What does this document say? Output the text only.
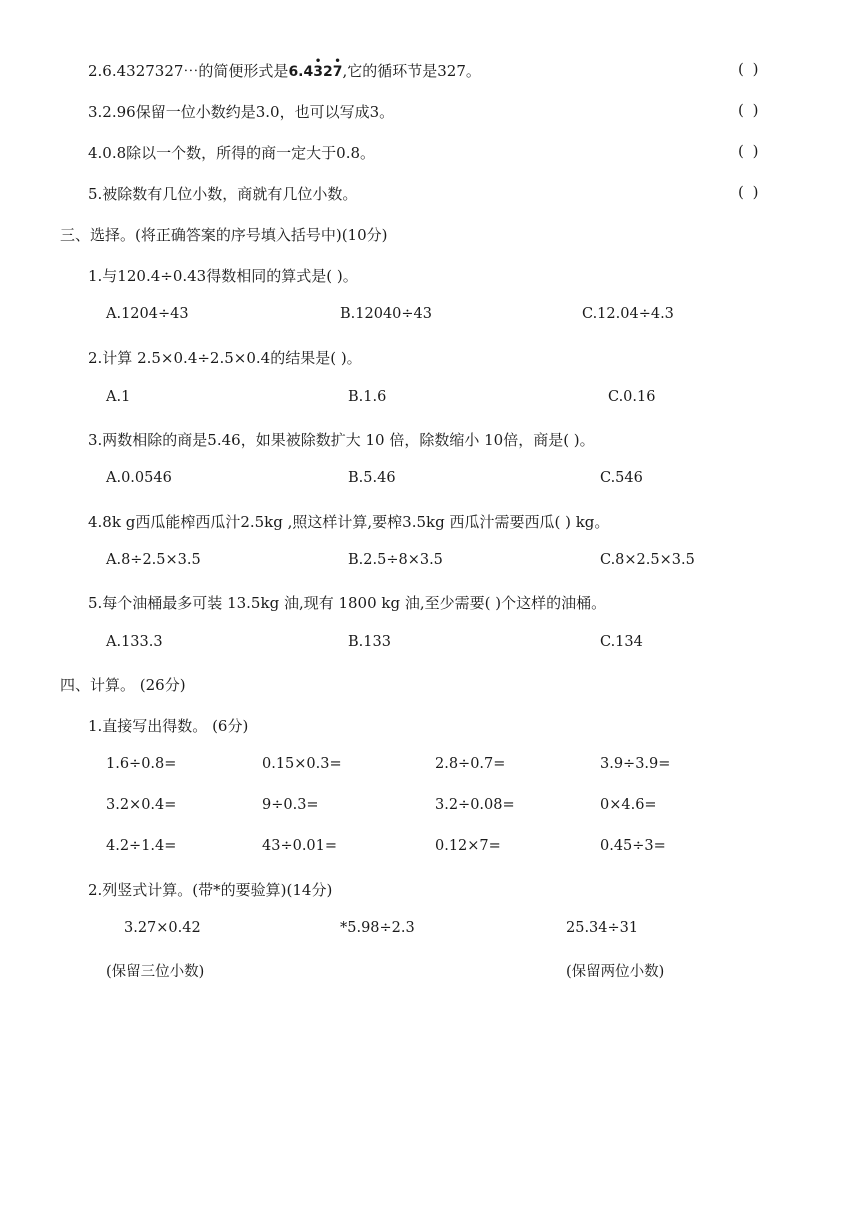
2.6.4327327⋯的简便形式是6.4
•
32
•
7,它的循环节是327。	( )
3.2.96保留一位小数约是3.0，也可以写成3。	( )
4.0.8除以一个数，所得的商一定大于0.8。	( )
5.被除数有几位小数，商就有几位小数。	( )
三、选择。(将正确答案的序号填入括号中)(10分)
1.与120.4÷0.43得数相同的算式是( )。
A.1204÷43	B.12040÷43	C.12.04÷4.3
2.计算 2.5×0.4÷2.5×0.4的结果是( )。
A.1	B.1.6	C.0.16
3.两数相除的商是5.46，如果被除数扩大 10 倍，除数缩小 10倍，商是( )。
A.0.0546	B.5.46	C.546
4.8k g西瓜能榨西瓜汁2.5kg ,照这样计算,要榨3.5kg 西瓜汁需要西瓜( ) kg。
A.8÷2.5×3.5	B.2.5÷8×3.5	C.8×2.5×3.5
5.每个油桶最多可装 13.5kg 油,现有 1800 kg 油,至少需要( )个这样的油桶。
A.133.3	B.133	C.134
四、计算。 (26分)
1.直接写出得数。 (6分)
1.6÷0.8=	0.15×0.3=	2.8÷0.7=	3.9÷3.9=
3.2×0.4=	9÷0.3=	3.2÷0.08=	0×4.6=
4.2÷1.4=	43÷0.01=	0.12×7=	0.45÷3=
2.列竖式计算。(带*的要验算)(14分)
3.27×0.42	*5.98÷2.3	25.34÷31
(保留三位小数)	(保留两位小数)
